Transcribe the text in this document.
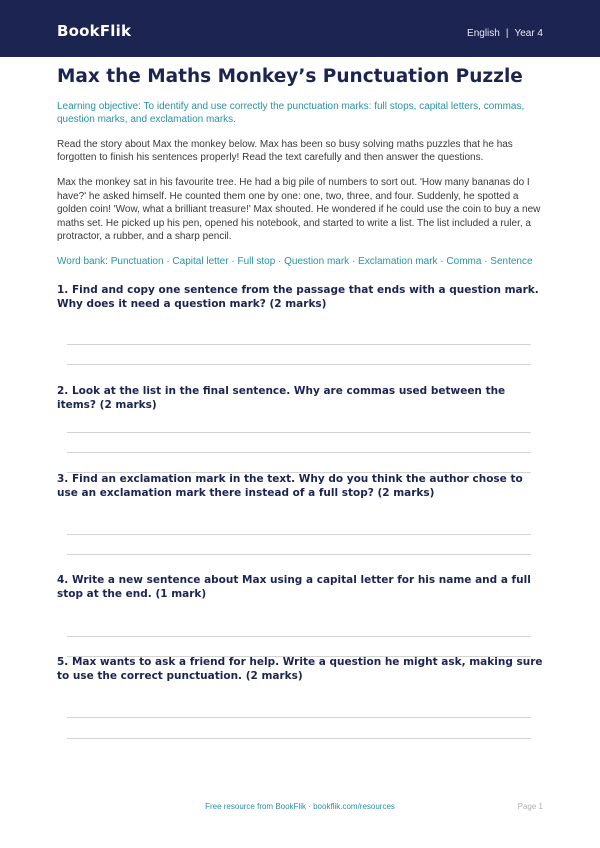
BookFlik	English | Year 4
Max the Maths Monkey’s Punctuation Puzzle

Learning objective: To identify and use correctly the punctuation marks: full stops, capital letters, commas, question marks, and exclamation marks.

Read the story about Max the monkey below. Max has been so busy solving maths puzzles that he has forgotten to finish his sentences properly! Read the text carefully and then answer the questions.

Max the monkey sat in his favourite tree. He had a big pile of numbers to sort out. 'How many bananas do I have?' he asked himself. He counted them one by one: one, two, three, and four. Suddenly, he spotted a golden coin! 'Wow, what a brilliant treasure!' Max shouted. He wondered if he could use the coin to buy a new maths set. He picked up his pen, opened his notebook, and started to write a list. The list included a ruler, a protractor, a rubber, and a sharp pencil.

Word bank: Punctuation · Capital letter · Full stop · Question mark · Exclamation mark · Comma · Sentence

1. Find and copy one sentence from the passage that ends with a question mark. Why does it need a question mark? (2 marks)
2. Look at the list in the final sentence. Why are commas used between the items? (2 marks)
3. Find an exclamation mark in the text. Why do you think the author chose to use an exclamation mark there instead of a full stop? (2 marks)
4. Write a new sentence about Max using a capital letter for his name and a full stop at the end. (1 mark)
5. Max wants to ask a friend for help. Write a question he might ask, making sure to use the correct punctuation. (2 marks)
Free resource from BookFlik · bookflik.com/resources	Page 1
